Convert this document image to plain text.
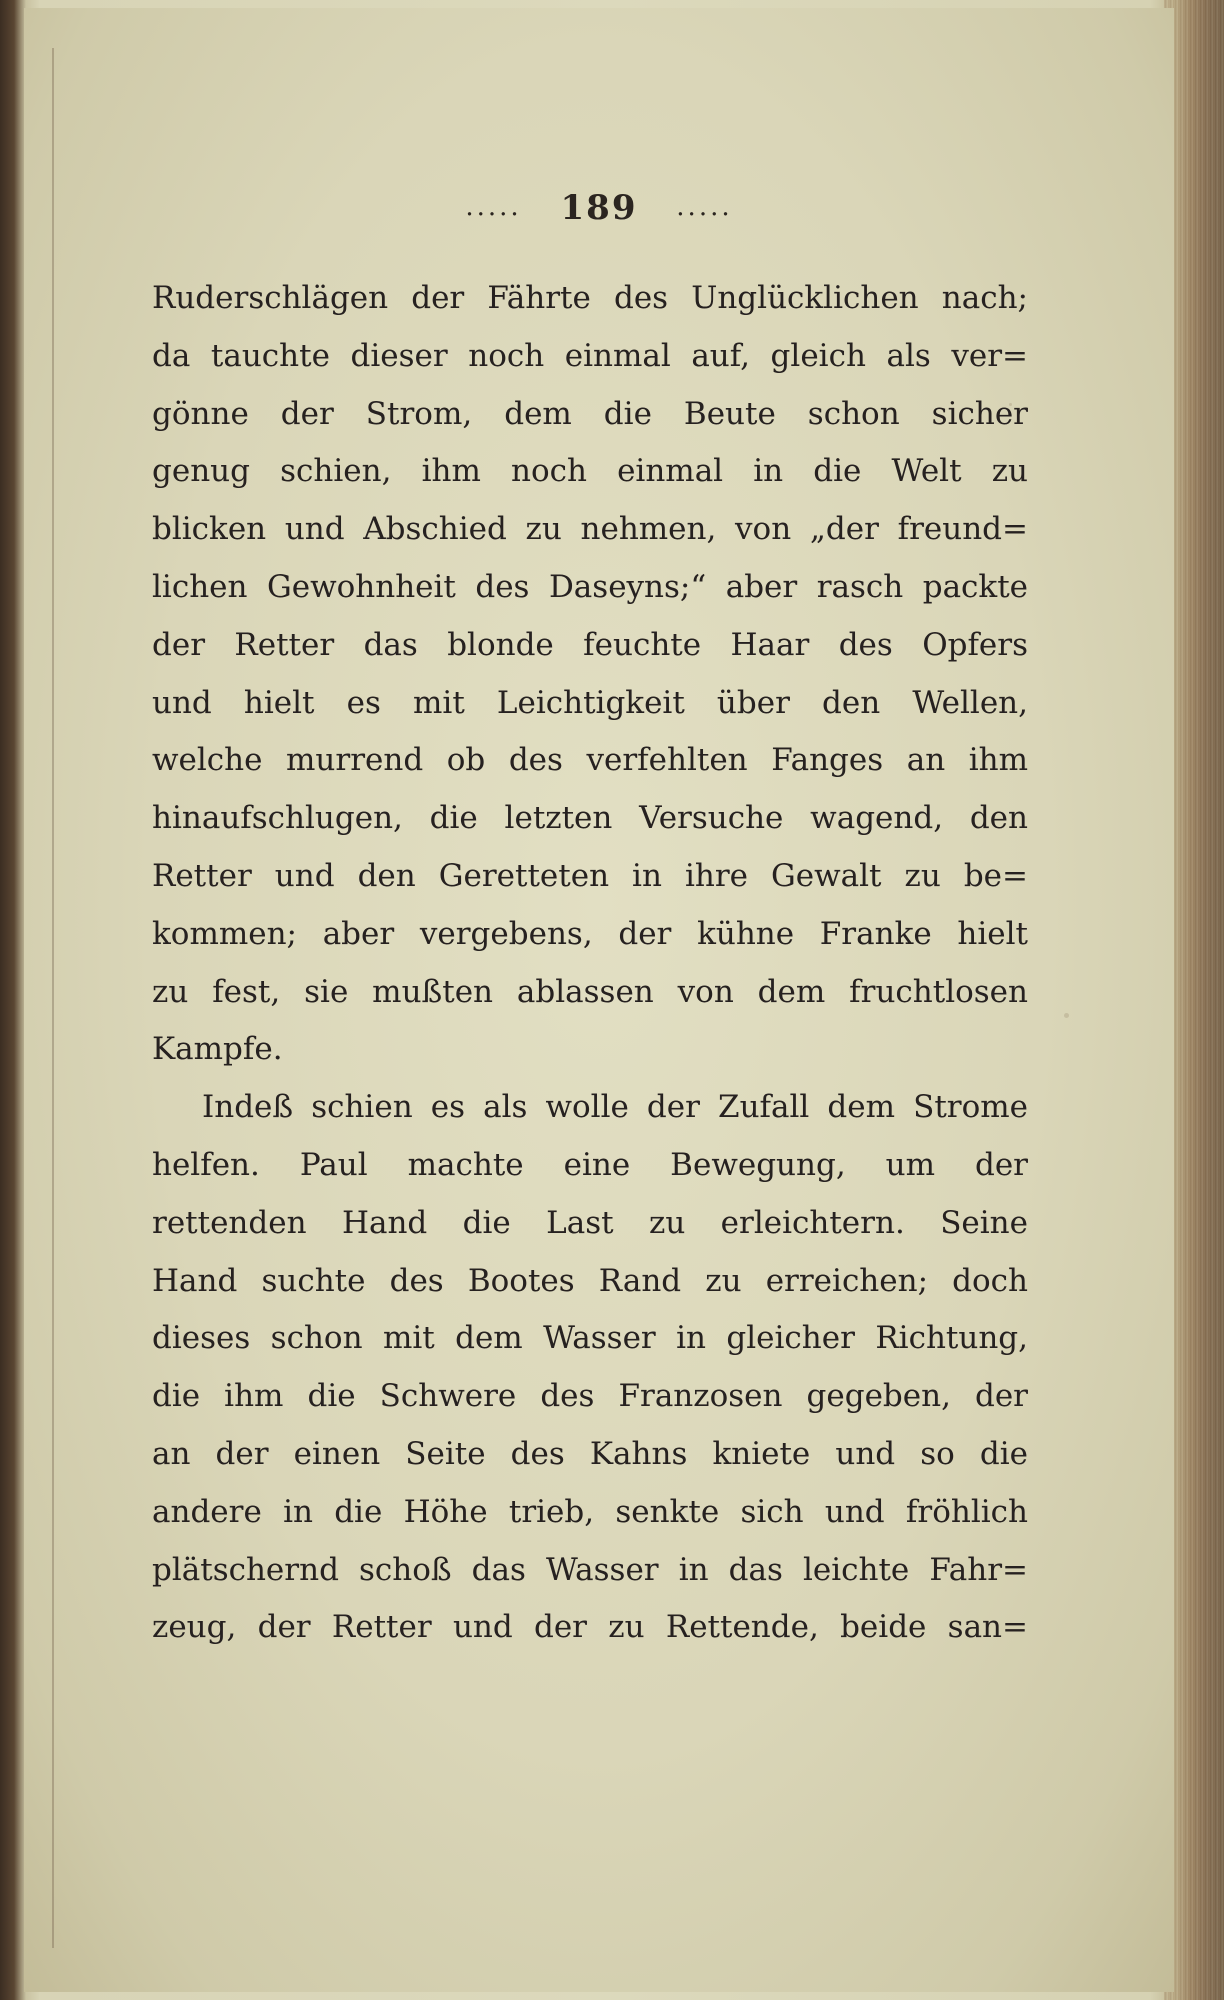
..... 189 .....
Ruderschlägen der Fährte des Unglücklichen nach;
da tauchte dieser noch einmal auf, gleich als ver=
gönne der Strom, dem die Beute schon sicher
genug schien, ihm noch einmal in die Welt zu
blicken und Abschied zu nehmen, von „der freund=
lichen Gewohnheit des Daseyns;“ aber rasch packte
der Retter das blonde feuchte Haar des Opfers
und hielt es mit Leichtigkeit über den Wellen,
welche murrend ob des verfehlten Fanges an ihm
hinaufschlugen, die letzten Versuche wagend, den
Retter und den Geretteten in ihre Gewalt zu be=
kommen; aber vergebens, der kühne Franke hielt
zu fest, sie mußten ablassen von dem fruchtlosen
Kampfe.
Indeß schien es als wolle der Zufall dem Strome
helfen. Paul machte eine Bewegung, um der
rettenden Hand die Last zu erleichtern. Seine
Hand suchte des Bootes Rand zu erreichen; doch
dieses schon mit dem Wasser in gleicher Richtung,
die ihm die Schwere des Franzosen gegeben, der
an der einen Seite des Kahns kniete und so die
andere in die Höhe trieb, senkte sich und fröhlich
plätschernd schoß das Wasser in das leichte Fahr=
zeug, der Retter und der zu Rettende, beide san=
